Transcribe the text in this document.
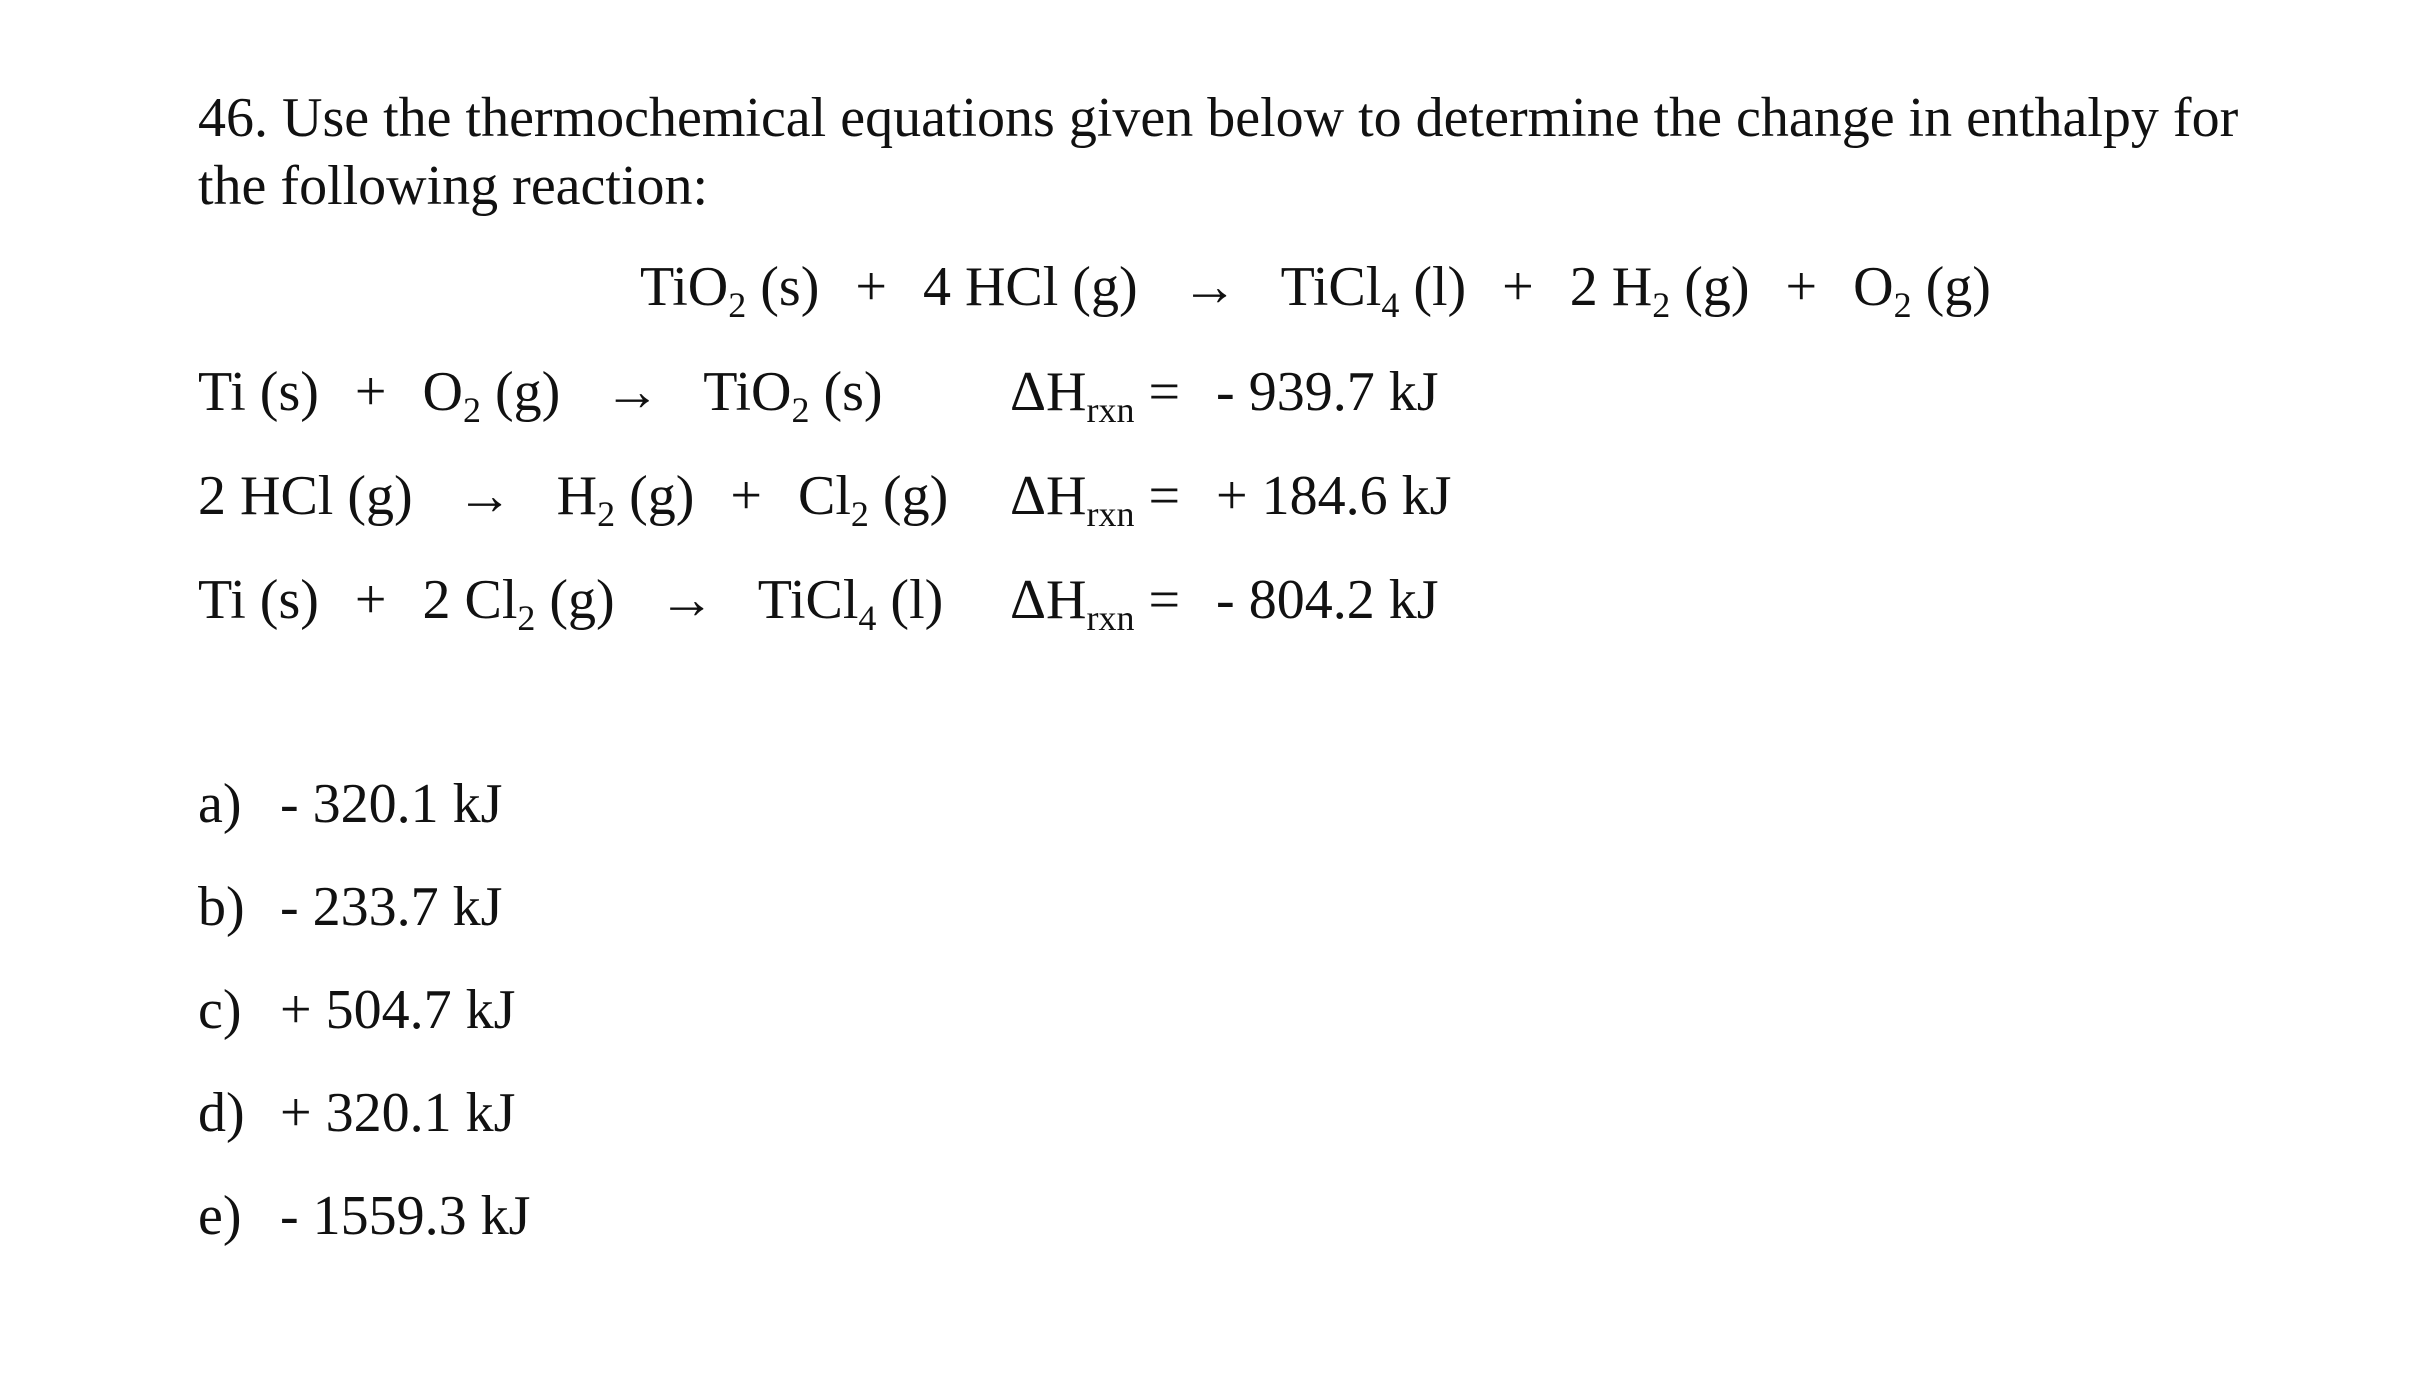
46. Use the thermochemical equations given below to determine the change in enthalpy for the following reaction:
TiO$_2$ (s) + 4 HCl (g) → TiCl$_4$ (l) + 2 $H_2$ $(g) + O_2$ (g)
Ti $(s) + O_2$ (g) → TiO$_2$ (s) $\Delta H_{rxn}$ = - 939.7 kJ
2 HCl $(g) \to H_2$ $(g) + Cl_2$ (g) $\Delta H_{rxn}$ = + 184.6 kJ
Ti (s) + 2 $Cl_2$ (g) → TiCl$_4$ (l) $\Delta H_{rxn}$ = - 804.2 kJ
a) - 320.1 kJ
b) - 233.7 kJ
c) + 504.7 kJ
d) + 320.1 kJ
e) - 1559.3 kJ
